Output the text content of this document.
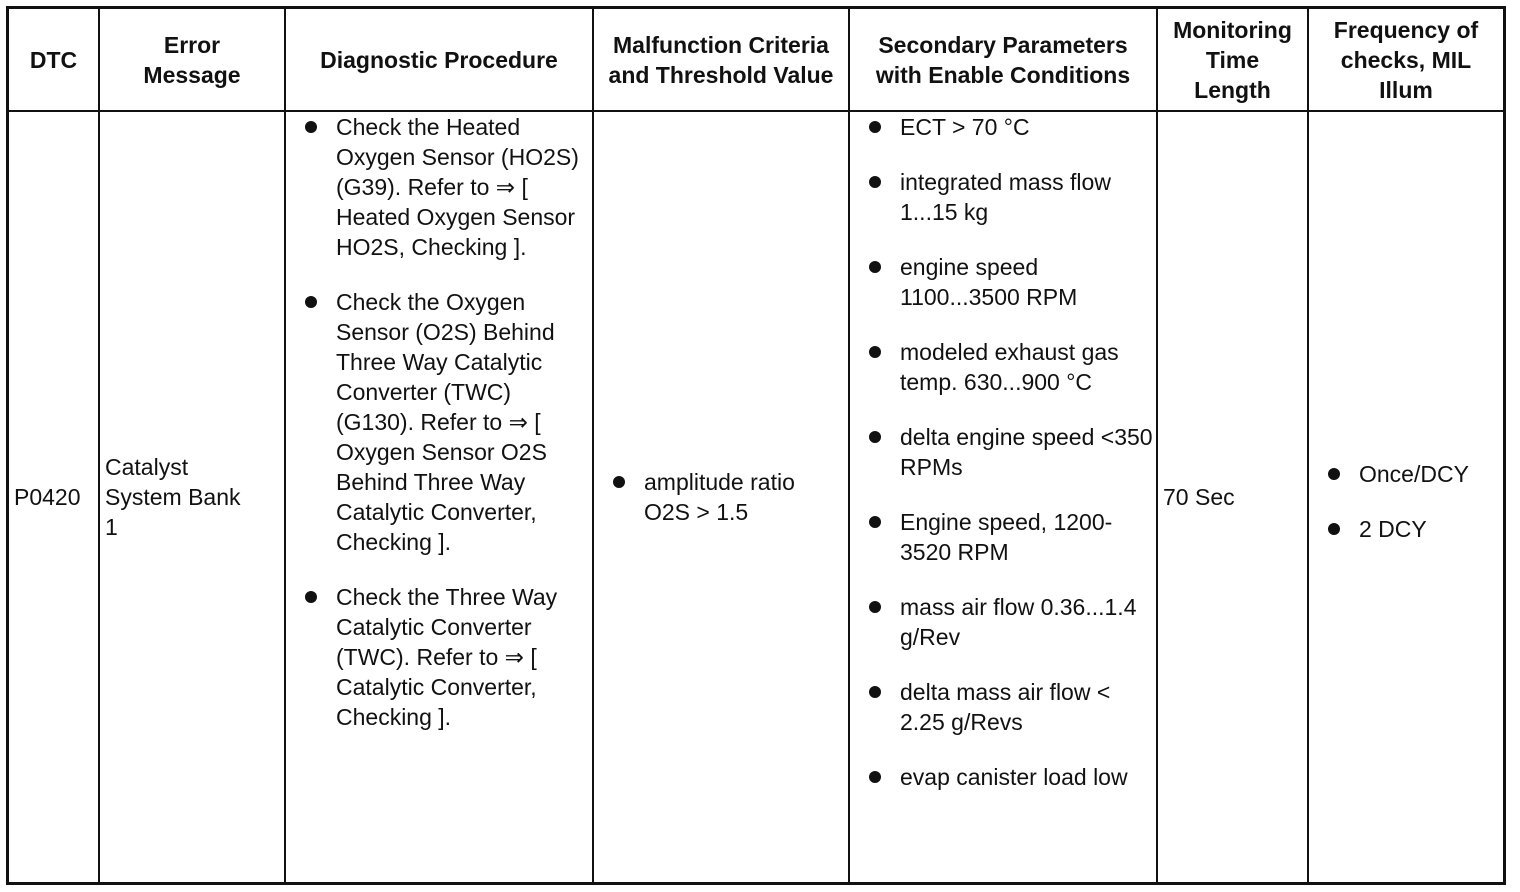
DTC
Error Message
Diagnostic Procedure
Malfunction Criteria and Threshold Value
Secondary Parameters with Enable Conditions
Monitoring Time Length
Frequency of checks, MIL Illum
P0420
Catalyst
System Bank
1
Check the Heated Oxygen Sensor (HO2S) (G39). Refer to ⇒ [ Heated Oxygen Sensor HO2S, Checking ].
Check the Oxygen Sensor (O2S) Behind Three Way Catalytic Converter (TWC) (G130). Refer to ⇒ [ Oxygen Sensor O2S Behind Three Way Catalytic Converter, Checking ].
Check the Three Way Catalytic Converter (TWC). Refer to ⇒ [ Catalytic Converter, Checking ].
amplitude ratio O2S > 1.5
ECT > 70 °C
integrated mass flow 1...15 kg
engine speed 1100...3500 RPM
modeled exhaust gas temp. 630...900 °C
delta engine speed <350 RPMs
Engine speed, 1200-3520 RPM
mass air flow 0.36...1.4 g/Rev
delta mass air flow < 2.25 g/Revs
evap canister load low
70 Sec
Once/DCY
2 DCY
